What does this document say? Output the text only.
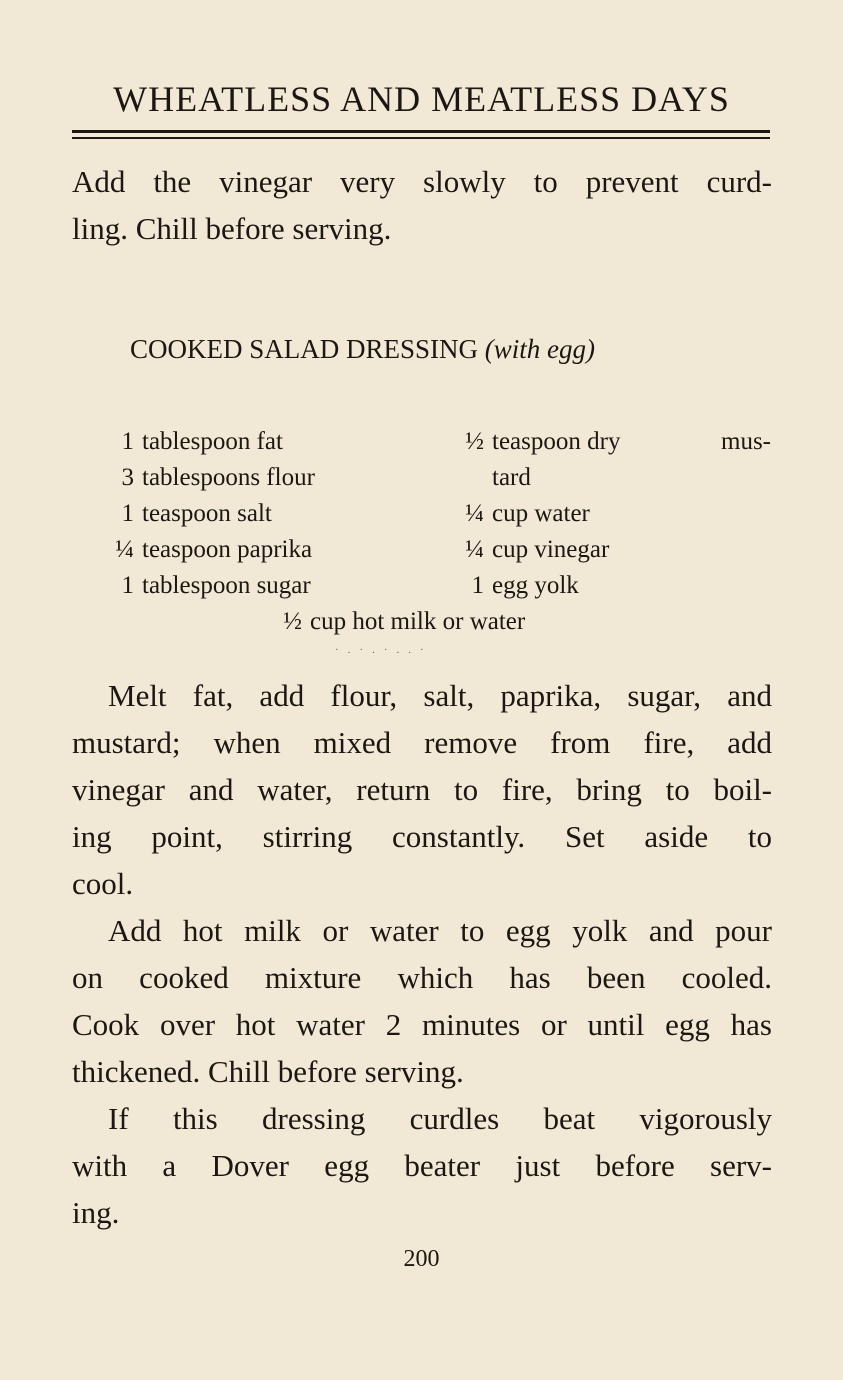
WHEATLESS AND MEATLESS DAYS

Add the vinegar very slowly to prevent curd-

ling. Chill before serving.

COOKED SALAD DRESSING (with egg)
1 tablespoon fat
3 tablespoons flour
1 teaspoon salt
¼ teaspoon paprika
1 tablespoon sugar
½ teaspoon dry	mus-
tard
¼ cup water
¼ cup vinegar
1 egg yolk
½ cup hot milk or water
·.·.·..·

Melt fat, add flour, salt, paprika, sugar, and

mustard; when mixed remove from fire, add

vinegar and water, return to fire, bring to boil-

ing point, stirring constantly. Set aside to

cool.

Add hot milk or water to egg yolk and pour

on cooked mixture which has been cooled.

Cook over hot water 2 minutes or until egg has

thickened. Chill before serving.

If this dressing curdles beat vigorously

with a Dover egg beater just before serv-

ing.

200
